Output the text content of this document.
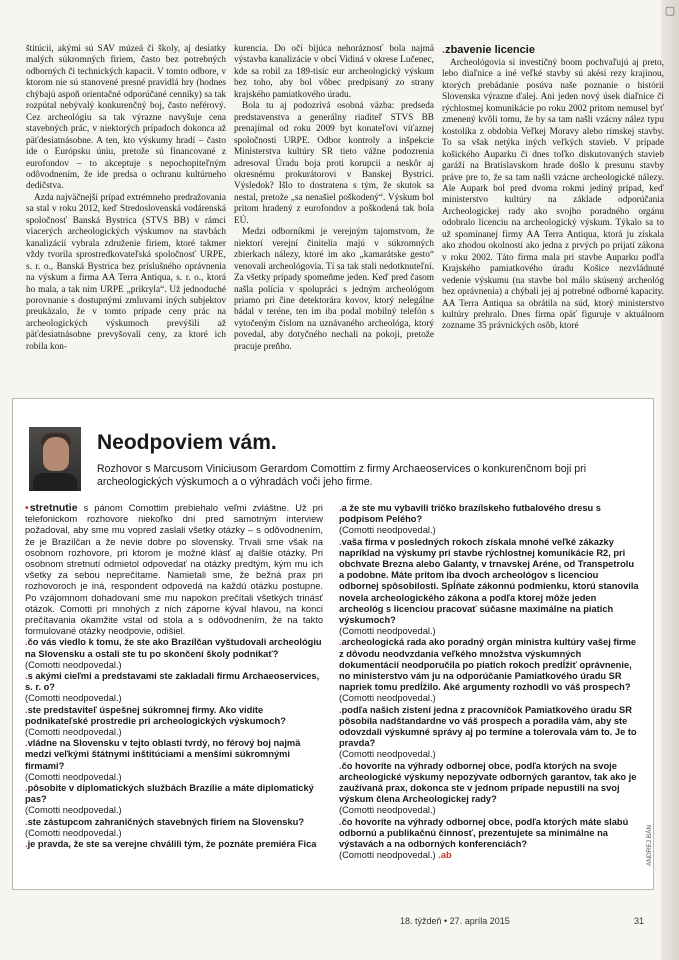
▢

štitúcií, akými sú SAV múzeá či školy, aj desiatky malých súkromných firiem, často bez potrebných odborných či technických kapacít. V tomto odbore, v ktorom nie sú stanovené presné pravidlá hry (hodnes chýbajú aspoň orientačné odporúčané cenníky) sa tak rozpútal nebývalý konkurenčný boj, často neférový. Cez archeológiu sa tak výrazne navyšuje cena stavebných prác, v niektorých prípadoch dokonca až päťdesiatnásobne. A ten, kto výskumy hradí – často ide o Európsku úniu, pretože sú financované z eurofondov – to akceptuje s nepochopiteľným odôvodnením, že ide predsa o ochranu kultúrneho dedičstva.

Azda najväčnejší prípad extrémneho predražovania sa stal v roku 2012, keď Stredoslovenská vodárenská spoločnosť Banská Bystrica (STVS BB) v rámci viacerých archeologických výskumov na stavbách kanalizácií vybrala združenie firiem, ktoré takmer vždy tvorila sprostredkovateľská spoločnosť URPE, s. r. o., Banská Bystrica bez príslušného oprávnenia na výskum a firma AA Terra Antiqua, s. r. o., ktorá ho mala, a tak nim URPE „prikryla“. Už jednoduché porovnanie s dostupnými zmluvami iných subjektov preukázalo, že v tomto prípade ceny prác na archeologických výskumoch prevýšili až päťdesiatnásobne prevyšovali ceny, za ktoré ich robila kon-

kurencia. Do očí bijúca nehoráznosť bola najmä výstavba kanalizácie v obci Vidiná v okrese Lučenec, kde sa robil za 189-tisíc eur archeologický výskum bez toho, aby bol vôbec predpísaný zo strany krajského pamiatkového úradu.

Bola tu aj podozrivá osobná väzba: predseda predstavenstva a generálny riaditeľ STVS BB prenajímal od roku 2009 byt konateľovi víťaznej spoločnosti URPE. Odbor kontroly a inšpekcie Ministerstva kultúry SR tieto vážne podozrenia adresoval Úradu boja proti korupcii a neskôr aj okresnému prokurátorovi v Banskej Bystrici. Výsledok? Išlo to dostratena s tým, že skutok sa nestal, pretože „sa nenašiel poškodený“. Výskum bol pritom hradený z eurofondov a poškodená tak bola EÚ.

Medzi odborníkmi je verejným tajomstvom, že niektorí verejní činitelia majú v súkromných zbierkach nálezy, ktoré im ako „kamarátske gesto“ venovali archeológovia. Tí sa tak stali nedotknuteľní. Za všetky prípady spomeňme jeden. Keď pred časom našla polícia v spolupráci s jedným archeológom priamo pri čine detektorára kovov, ktorý nelegálne bádal v teréne, ten im iba podal mobilný telefón s vytočeným číslom na uznávaného archeológa, ktorý povedal, aby dotyčného nechali na pokoji, pretože pracuje preňho.

.zbavenie licencie

Archeológovia si investičný boom pochvaľujú aj preto, lebo diaľnice a iné veľké stavby sú akési rezy krajinou, ktorých prebádanie posúva naše poznanie o histórii Slovenska výrazne ďalej. Ani jeden nový úsek diaľnice či rýchlostnej komunikácie po roku 2002 pritom nemusel byť zmenený kvôli tomu, že by sa tam našli vzácny nález typu kostolíka z obdobia Veľkej Moravy alebo rímskej stavby. To sa však netýka iných veľkých stavieb. V prípade košického Auparku či dnes toľko diskutovaných stavieb garáží na Bratislavskom hrade došlo k presunu stavby práve pre to, že sa tam našli vzácne archeologické nálezy. Ale Aupark bol pred dvoma rokmi jediný prípad, keď ministerstvo kultúry na základe odporúčania Archeologickej rady ako svojho poradného orgánu odobralo licenciu na archeologický výskum. Týkalo sa to už spomínanej firmy AA Terra Antiqua, ktorá ju získala ako zhodou okolností ako jedna z prvých po prijatí zákona v roku 2002. Táto firma mala pri stavbe Auparku podľa Krajského pamiatkového úradu Košice nezvládnuté vedenie výskumu (na stavbe bol málo skúsený archeológ bez oprávnenia) a chýbali jej aj potrebné odborné kapacity. AA Terra Antiqua sa obrátila na súd, ktorý ministerstvo kultúry prehralo. Dnes firma opäť figuruje v aktuálnom zozname 35 právnických osôb, ktoré

Neodpoviem vám.

Rozhovor s Marcusom Viniciusom Gerardom Comottim z firmy Archaeoservices o konkurenčnom boji pri archeologických výskumoch a o výhradách voči jeho firme.

• stretnutie s pánom Comottim prebiehalo veľmi zvláštne. Už pri telefonickom rozhovore niekoľko dní pred samotným interview požadoval, aby sme mu vopred zaslali všetky otázky – s odôvodnením, že je Brazílčan a že nevie dobre po slovensky. Trvali sme však na osobnom rozhovore, pri ktorom je možné klásť aj ďalšie otázky. Pri osobnom stretnutí odmietol odpovedať na otázky predtým, kým mu ich všetky za sebou neprečítame. Namietali sme, že bežná prax pri rozhovoroch je iná, respondent odpovedá na každú otázku postupne. Po vzájomnom dohadovaní sme mu napokon prečítali všetkých trinásť otázok. Comotti pri mnohých z nich záporne kýval hlavou, na konci prečítavania okamžite vstal od stola a s odôvodnením, že na takto formulované otázky neodpovie, odišiel.

. čo vás viedlo k tomu, že ste ako Brazílčan vyštudovali archeológiu na Slovensku a ostali ste tu po skončení školy podnikať?

(Comotti neodpovedal.)

. s akými cieľmi a predstavami ste zakladali firmu Archaeoservices, s. r. o?

(Comotti neodpovedal.)

. ste predstaviteľ úspešnej súkromnej firmy. Ako vidíte podnikateľské prostredie pri archeologických výskumoch?

(Comotti neodpovedal.)

. vládne na Slovensku v tejto oblasti tvrdý, no férový boj najmä medzi veľkými štátnymi inštitúciami a menšími súkromnými firmami?

(Comotti neodpovedal.)

. pôsobite v diplomatických službách Brazílie a máte diplomatický pas?

(Comotti neodpovedal.)

. ste zástupcom zahraničných stavebných firiem na Slovensku?

(Comotti neodpovedal.)

. je pravda, že ste sa verejne chválili tým, že poznáte premiéra Fica

. a že ste mu vybavili tričko brazílskeho futbalového dresu s podpisom Pelého?

(Comotti neodpovedal.)

. vaša firma v posledných rokoch získala mnohé veľké zákazky napríklad na výskumy pri stavbe rýchlostnej komunikácie R2, pri obchvate Brezna alebo Galanty, v trnavskej Aréne, od Transpetrolu a podobne. Máte pritom iba dvoch archeológov s licenciou odbornej spôsobilosti. Spĺňate zákonnú podmienku, ktorú stanovila novela archeologického zákona a podľa ktorej môže jeden archeológ s licenciou pracovať súčasne maximálne na piatich výskumoch?

(Comotti neodpovedal.)

. archeologická rada ako poradný orgán ministra kultúry vašej firme z dôvodu neodvzdania veľkého množstva výskumných dokumentácií neodporučila po piatich rokoch predĺžiť oprávnenie, no ministerstvo vám ju na odporúčanie Pamiatkového úradu SR napriek tomu predĺžilo. Aké argumenty rozhodli vo váš prospech?

(Comotti neodpovedal.)

. podľa našich zistení jedna z pracovníčok Pamiatkového úradu SR pôsobila nadštandardne vo váš prospech a poradila vám, aby ste odovzdali výskumné správy aj po termíne a tolerovala vám to. Je to pravda?

(Comotti neodpovedal.)

. čo hovoríte na výhrady odbornej obce, podľa ktorých na svoje archeologické výskumy nepozývate odborných garantov, tak ako je zaužívaná prax, dokonca ste v jednom prípade nepustili na svoj výskum člena Archeologickej rady?

(Comotti neodpovedal.)

. čo hovoríte na výhrady odbornej obce, podľa ktorých máte slabú odbornú a publikačnú činnosť, prezentujete sa minimálne na výstavách a na odborných konferenciách?

(Comotti neodpovedal.) .ab	ANDREJ BÁN
18. týždeň • 27. apríla 2015	31
